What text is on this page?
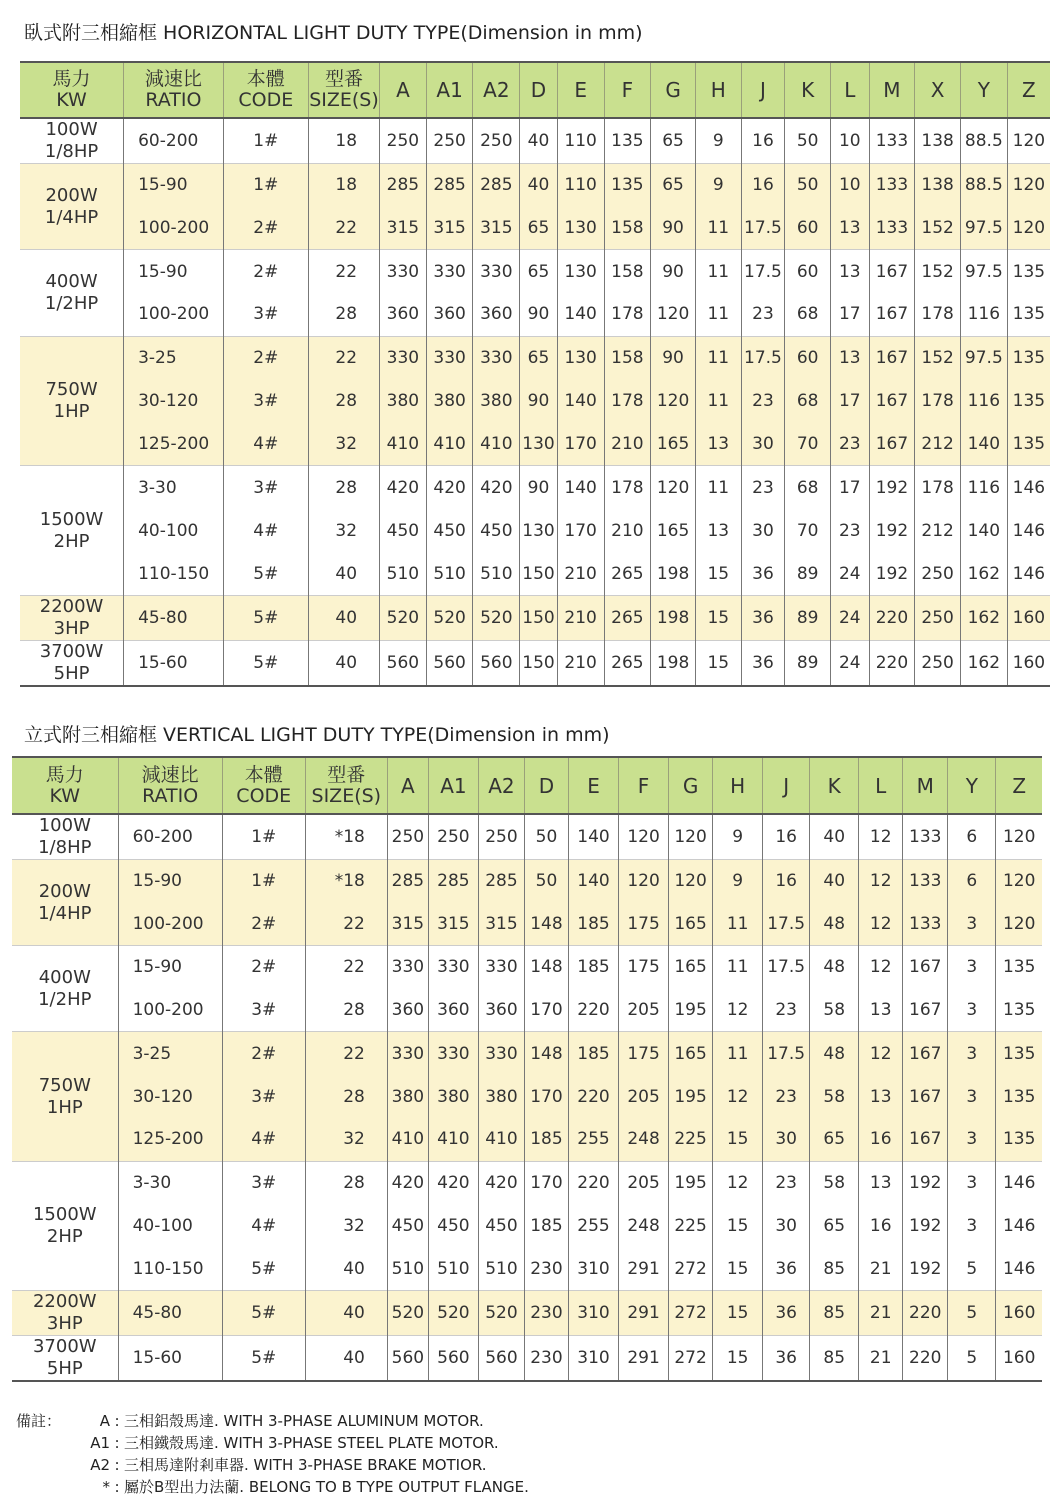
臥式附三相縮框 HORIZONTAL LIGHT DUTY TYPE(Dimension in mm)
馬力
KW	減速比
RATIO	本體
CODE	型番
SIZE(S)	A	A1	A2	D	E	F	G	H	J	K	L	M	X	Y	Z

100W
1/8HP	60-200	1#	18	250	250	250	40	110	135	65	9	16	50	10	133	138	88.5	120

200W
1/4HP	15-90	1#	18	285	285	285	40	110	135	65	9	16	50	10	133	138	88.5	120
	100-200	2#	22	315	315	315	65	130	158	90	11	17.5	60	13	133	152	97.5	120

400W
1/2HP	15-90	2#	22	330	330	330	65	130	158	90	11	17.5	60	13	167	152	97.5	135
	100-200	3#	28	360	360	360	90	140	178	120	11	23	68	17	167	178	116	135

750W
1HP	3-25	2#	22	330	330	330	65	130	158	90	11	17.5	60	13	167	152	97.5	135
	30-120	3#	28	380	380	380	90	140	178	120	11	23	68	17	167	178	116	135
	125-200	4#	32	410	410	410	130	170	210	165	13	30	70	23	167	212	140	135

1500W
2HP	3-30	3#	28	420	420	420	90	140	178	120	11	23	68	17	192	178	116	146
	40-100	4#	32	450	450	450	130	170	210	165	13	30	70	23	192	212	140	146
	110-150	5#	40	510	510	510	150	210	265	198	15	36	89	24	192	250	162	146

2200W
3HP	45-80	5#	40	520	520	520	150	210	265	198	15	36	89	24	220	250	162	160

3700W
5HP	15-60	5#	40	560	560	560	150	210	265	198	15	36	89	24	220	250	162	160
立式附三相縮框 VERTICAL LIGHT DUTY TYPE(Dimension in mm)
馬力
KW	減速比
RATIO	本體
CODE	型番
SIZE(S)	A	A1	A2	D	E	F	G	H	J	K	L	M	Y	Z

100W
1/8HP	60-200	1#	*18	250	250	250	50	140	120	120	9	16	40	12	133	6	120

200W
1/4HP	15-90	1#	*18	285	285	285	50	140	120	120	9	16	40	12	133	6	120
	100-200	2#	22	315	315	315	148	185	175	165	11	17.5	48	12	133	3	120

400W
1/2HP	15-90	2#	22	330	330	330	148	185	175	165	11	17.5	48	12	167	3	135
	100-200	3#	28	360	360	360	170	220	205	195	12	23	58	13	167	3	135

750W
1HP	3-25	2#	22	330	330	330	148	185	175	165	11	17.5	48	12	167	3	135
	30-120	3#	28	380	380	380	170	220	205	195	12	23	58	13	167	3	135
	125-200	4#	32	410	410	410	185	255	248	225	15	30	65	16	167	3	135

1500W
2HP	3-30	3#	28	420	420	420	170	220	205	195	12	23	58	13	192	3	146
	40-100	4#	32	450	450	450	185	255	248	225	15	30	65	16	192	3	146
	110-150	5#	40	510	510	510	230	310	291	272	15	36	85	21	192	5	146

2200W
3HP	45-80	5#	40	520	520	520	230	310	291	272	15	36	85	21	220	5	160

3700W
5HP	15-60	5#	40	560	560	560	230	310	291	272	15	36	85	21	220	5	160
備註：	A : 三相鋁殼馬達. WITH 3-PHASE ALUMINUM MOTOR.
A1 : 三相鐵殼馬達. WITH 3-PHASE STEEL PLATE MOTOR.
A2 : 三相馬達附剎車器. WITH 3-PHASE BRAKE MOTIOR.
* : 屬於B型出力法蘭. BELONG TO B TYPE OUTPUT FLANGE.
